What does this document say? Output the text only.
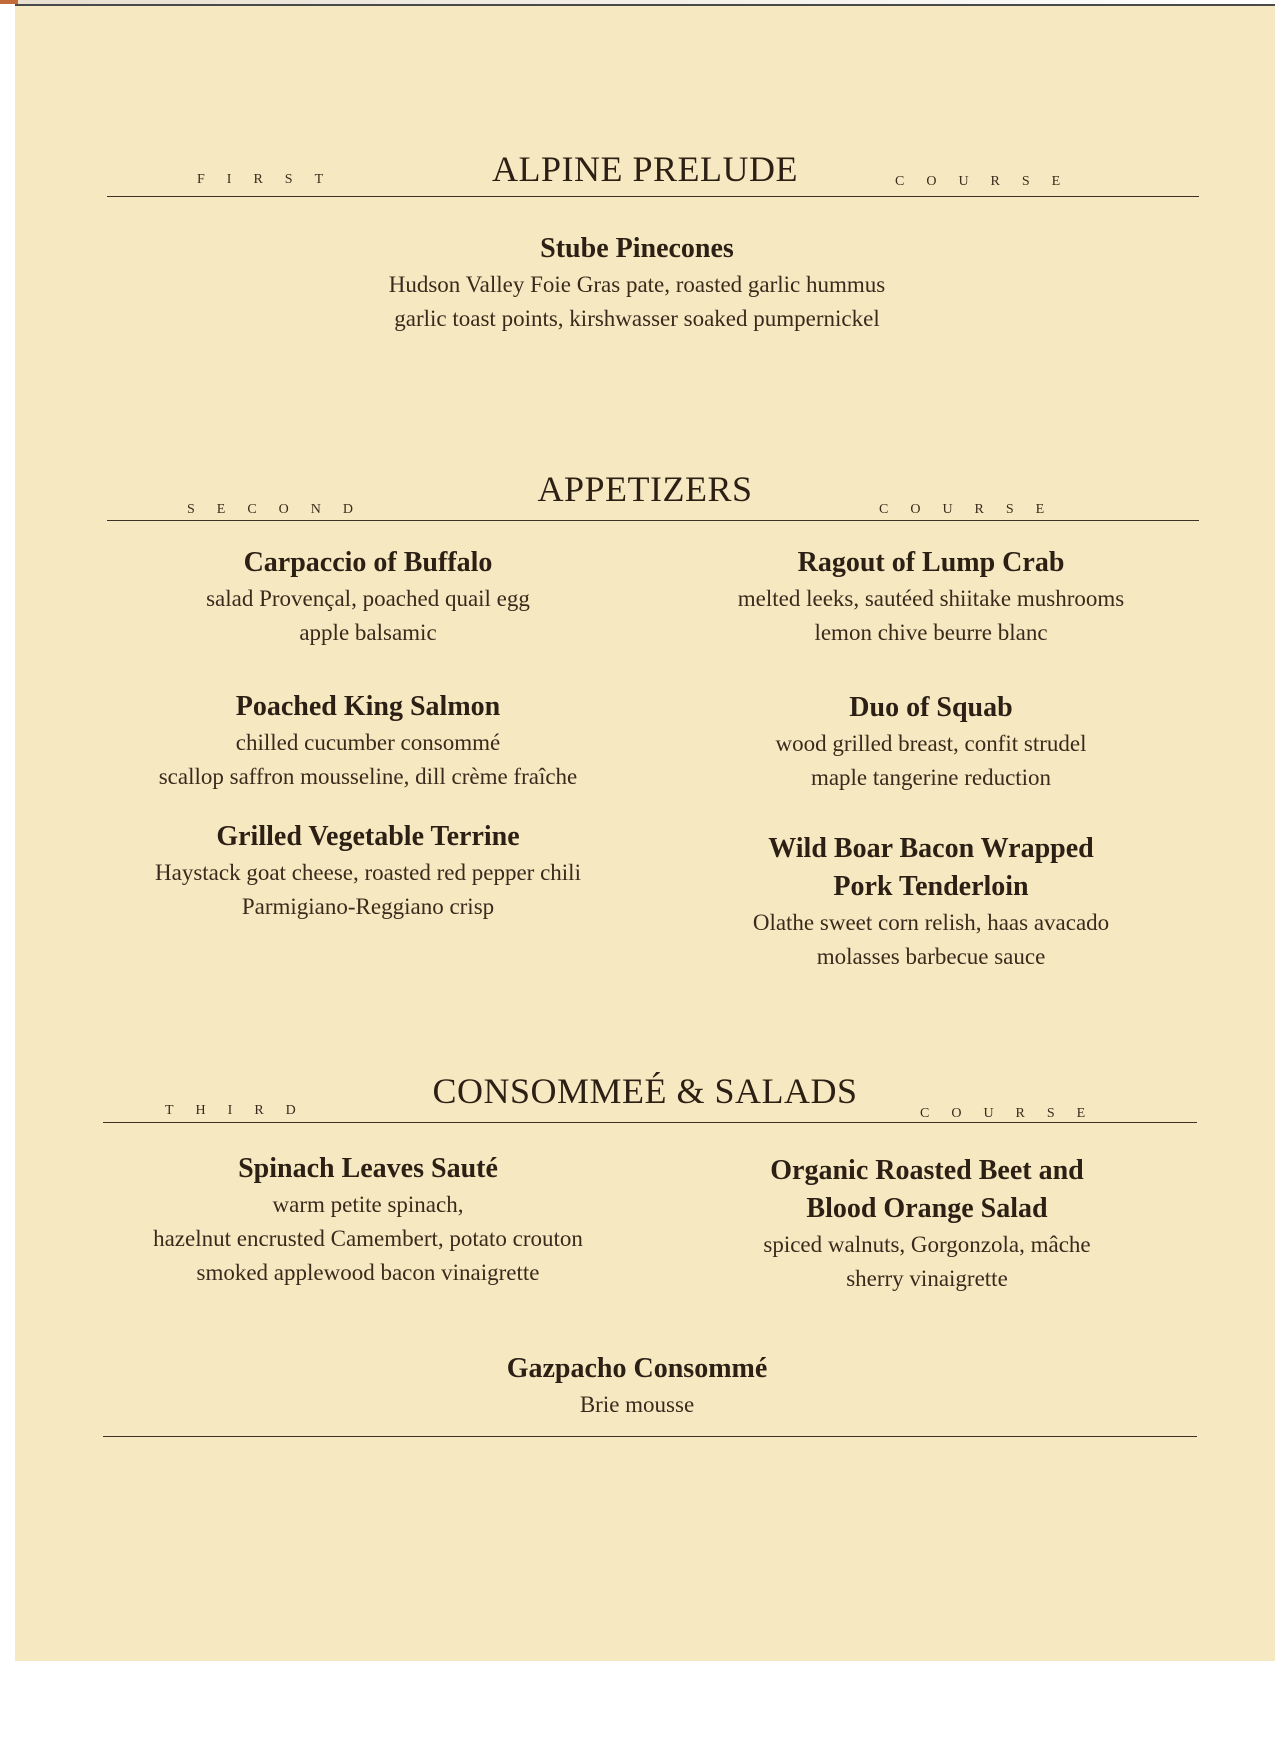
ALPINE PRELUDE
FIRST	COURSE
Stube Pinecones
Hudson Valley Foie Gras pate, roasted garlic hummus
garlic toast points, kirshwasser soaked pumpernickel
APPETIZERS
SECOND	COURSE
Carpaccio of Buffalo
salad Provençal, poached quail egg
apple balsamic
Ragout of Lump Crab
melted leeks, sautéed shiitake mushrooms
lemon chive beurre blanc
Poached King Salmon
chilled cucumber consommé
scallop saffron mousseline, dill crème fraîche
Duo of Squab
wood grilled breast, confit strudel
maple tangerine reduction
Grilled Vegetable Terrine
Haystack goat cheese, roasted red pepper chili
Parmigiano-Reggiano crisp
Wild Boar Bacon Wrapped
Pork Tenderloin
Olathe sweet corn relish, haas avacado
molasses barbecue sauce
CONSOMMEÉ & SALADS
THIRD	COURSE
Spinach Leaves Sauté
warm petite spinach,
hazelnut encrusted Camembert, potato crouton
smoked applewood bacon vinaigrette
Organic Roasted Beet and
Blood Orange Salad
spiced walnuts, Gorgonzola, mâche
sherry vinaigrette
Gazpacho Consommé
Brie mousse
